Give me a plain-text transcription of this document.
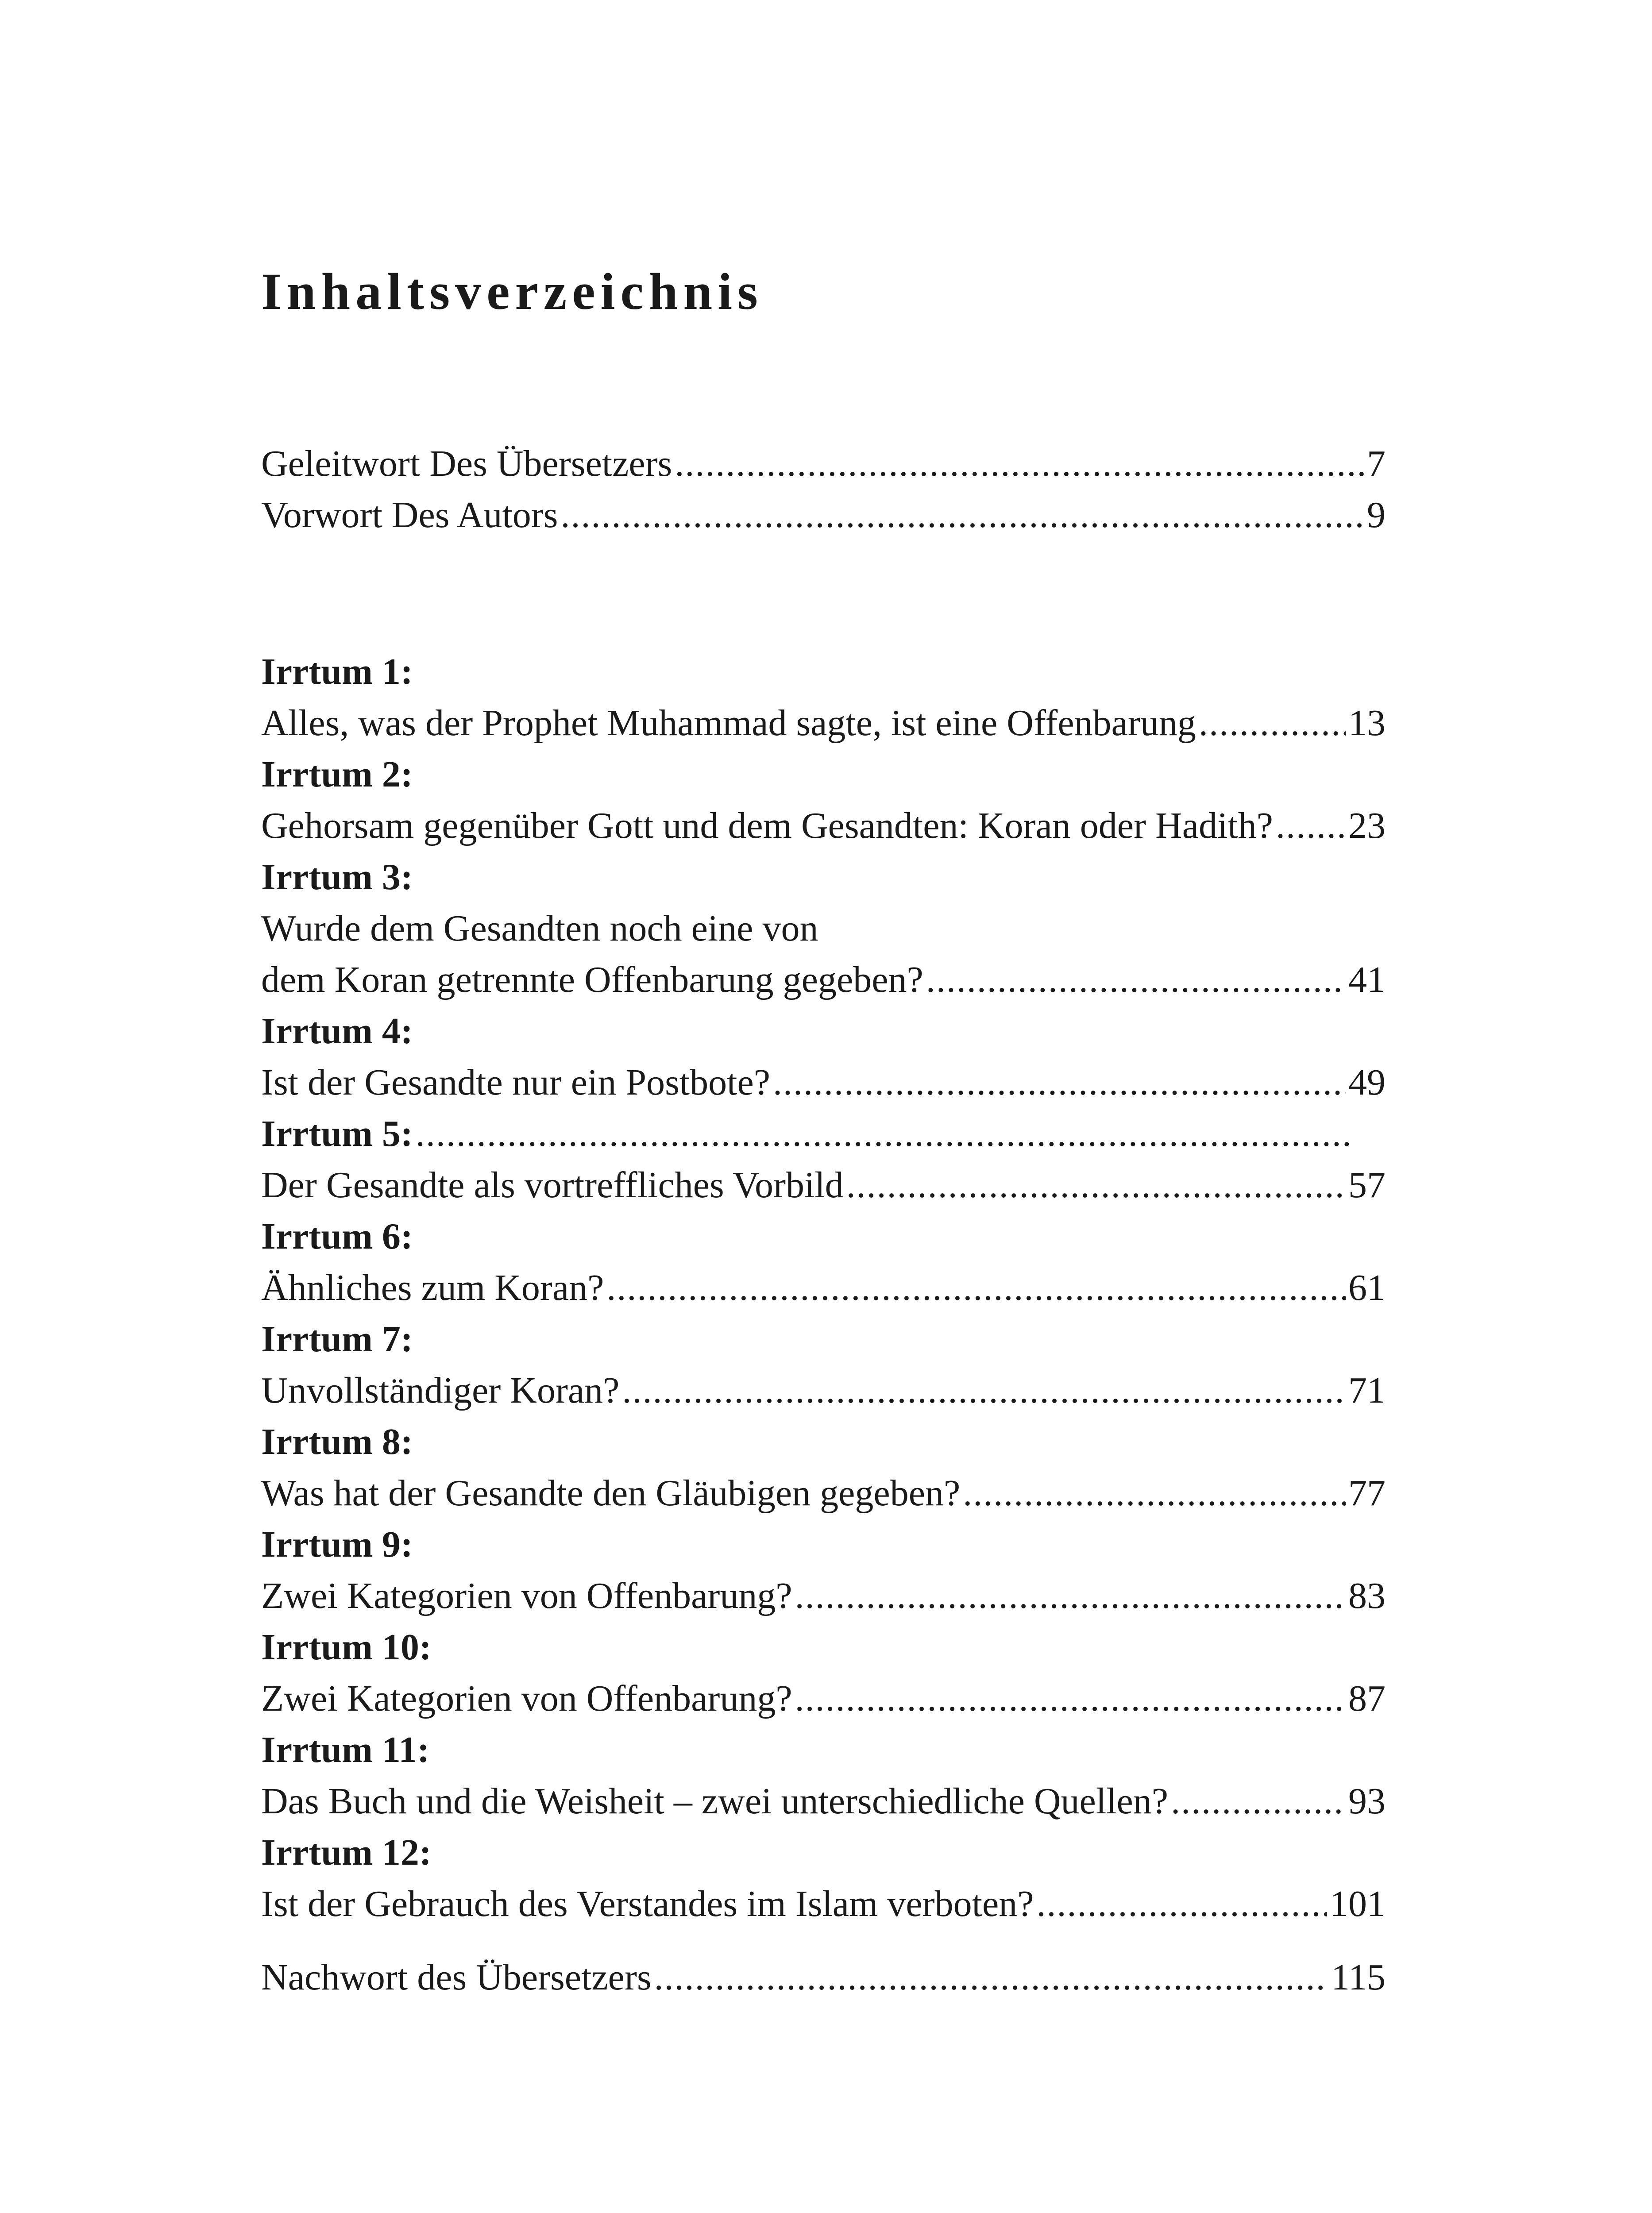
Inhaltsverzeichnis
Geleitwort Des Übersetzers .....	7
Vorwort Des Autors .....	9
Irrtum 1:
Alles, was der Prophet Muhammad sagte, ist eine Offenbarung .....	13
Irrtum 2:
Gehorsam gegenüber Gott und dem Gesandten: Koran oder Hadith? ..... 23
Irrtum 3:
Wurde dem Gesandten noch eine von
dem Koran getrennte Offenbarung gegeben? .....	41
Irrtum 4:
Ist der Gesandte nur ein Postbote? .....	49
Irrtum 5:
.....
Der Gesandte als vortreffliches Vorbild .....	57
Irrtum 6:
Ähnliches zum Koran? .....	61
Irrtum 7:
Unvollständiger Koran? .....	71
Irrtum 8:
Was hat der Gesandte den Gläubigen gegeben? .....	77
Irrtum 9:
Zwei Kategorien von Offenbarung? .....	83
Irrtum 10:
Zwei Kategorien von Offenbarung? .....	87
Irrtum 11:
Das Buch und die Weisheit – zwei unterschiedliche Quellen? .....	93
Irrtum 12:
Ist der Gebrauch des Verstandes im Islam verboten? .....	101
Nachwort des Übersetzers .....	115
